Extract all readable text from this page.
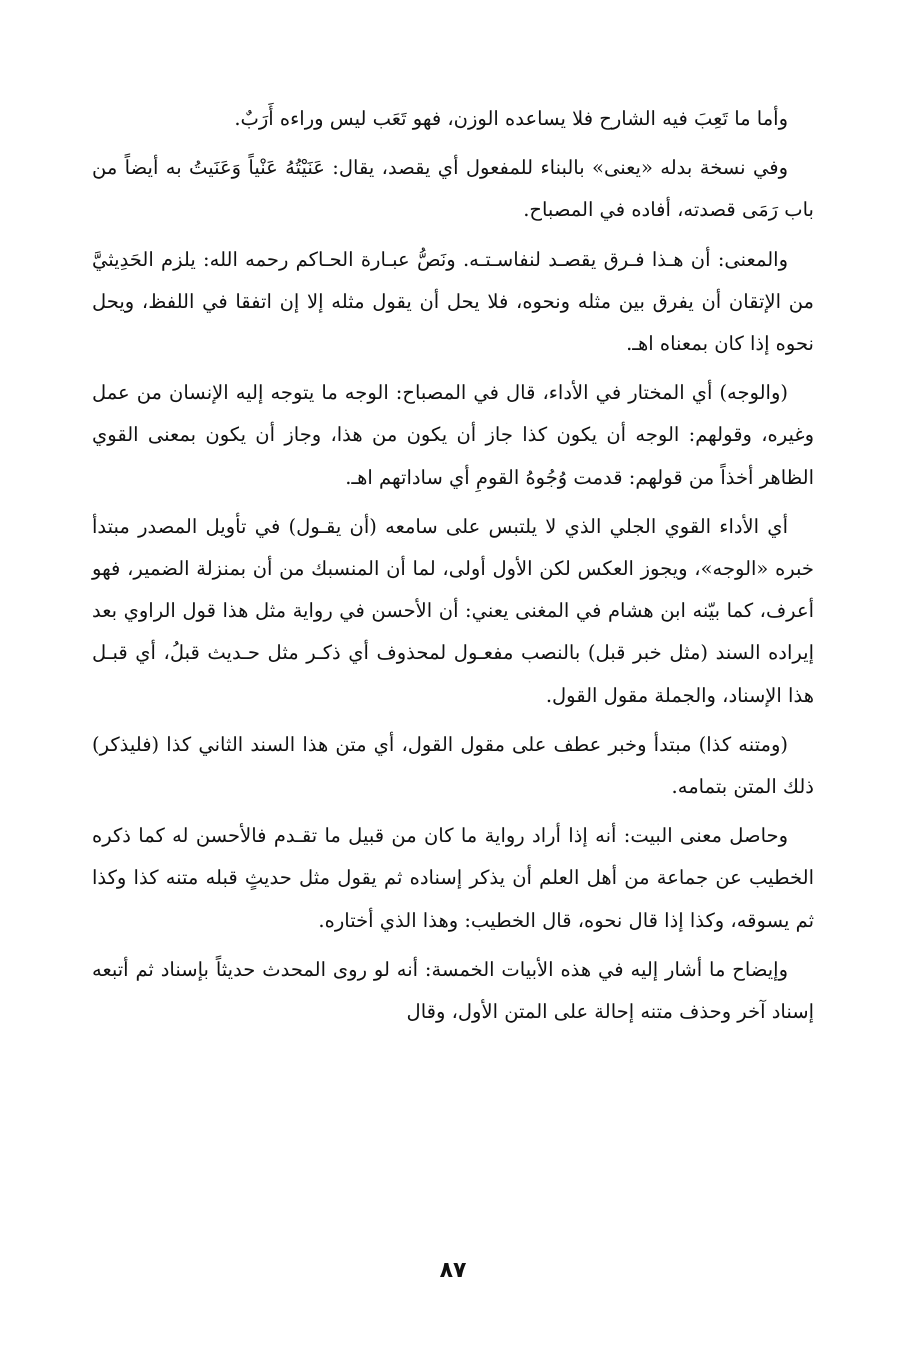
وأما ما تَعِبَ فيه الشارح فلا يساعده الوزن، فهو تَعَب ليس وراءه أَرَبٌ.

وفي نسخة بدله «يعنى» بالبناء للمفعول أي يقصد، يقال: عَنَيْتُهُ عَنْياً وَعَنَيتُ به أيضاً من باب رَمَى قصدته، أفاده في المصباح.

والمعنى: أن هـذا فـرق يقصـد لنفاسـتـه. ونَصُّ عبـارة الحـاكم رحمه الله: يلزم الحَدِيثيَّ من الإتقان أن يفرق بين مثله ونحوه، فلا يحل أن يقول مثله إلا إن اتفقا في اللفظ، ويحل نحوه إذا كان بمعناه اهـ.

(والوجه) أي المختار في الأداء، قال في المصباح: الوجه ما يتوجه إليه الإنسان من عمل وغيره، وقولهم: الوجه أن يكون كذا جاز أن يكون من هذا، وجاز أن يكون بمعنى القوي الظاهر أخذاً من قولهم: قدمت وُجُوهُ القومِ أي ساداتهم اهـ.

أي الأداء القوي الجلي الذي لا يلتبس على سامعه (أن يقـول) في تأويل المصدر مبتدأ خبره «الوجه»، ويجوز العكس لكن الأول أولى، لما أن المنسبك من أن بمنزلة الضمير، فهو أعرف، كما بيّنه ابن هشام في المغنى يعني: أن الأحسن في رواية مثل هذا قول الراوي بعد إيراده السند (مثل خبر قبل) بالنصب مفعـول لمحذوف أي ذكـر مثل حـديث قبلُ، أي قبـل هذا الإسناد، والجملة مقول القول.

(ومتنه كذا) مبتدأ وخبر عطف على مقول القول، أي متن هذا السند الثاني كذا (فليذكر) ذلك المتن بتمامه.

وحاصل معنى البيت: أنه إذا أراد رواية ما كان من قبيل ما تقـدم فالأحسن له كما ذكره الخطيب عن جماعة من أهل العلم أن يذكر إسناده ثم يقول مثل حديثٍ قبله متنه كذا وكذا ثم يسوقه، وكذا إذا قال نحوه، قال الخطيب: وهذا الذي أختاره.

وإيضاح ما أشار إليه في هذه الأبيات الخمسة: أنه لو روى المحدث حديثاً بإسناد ثم أتبعه إسناد آخر وحذف متنه إحالة على المتن الأول، وقال

٨٧
